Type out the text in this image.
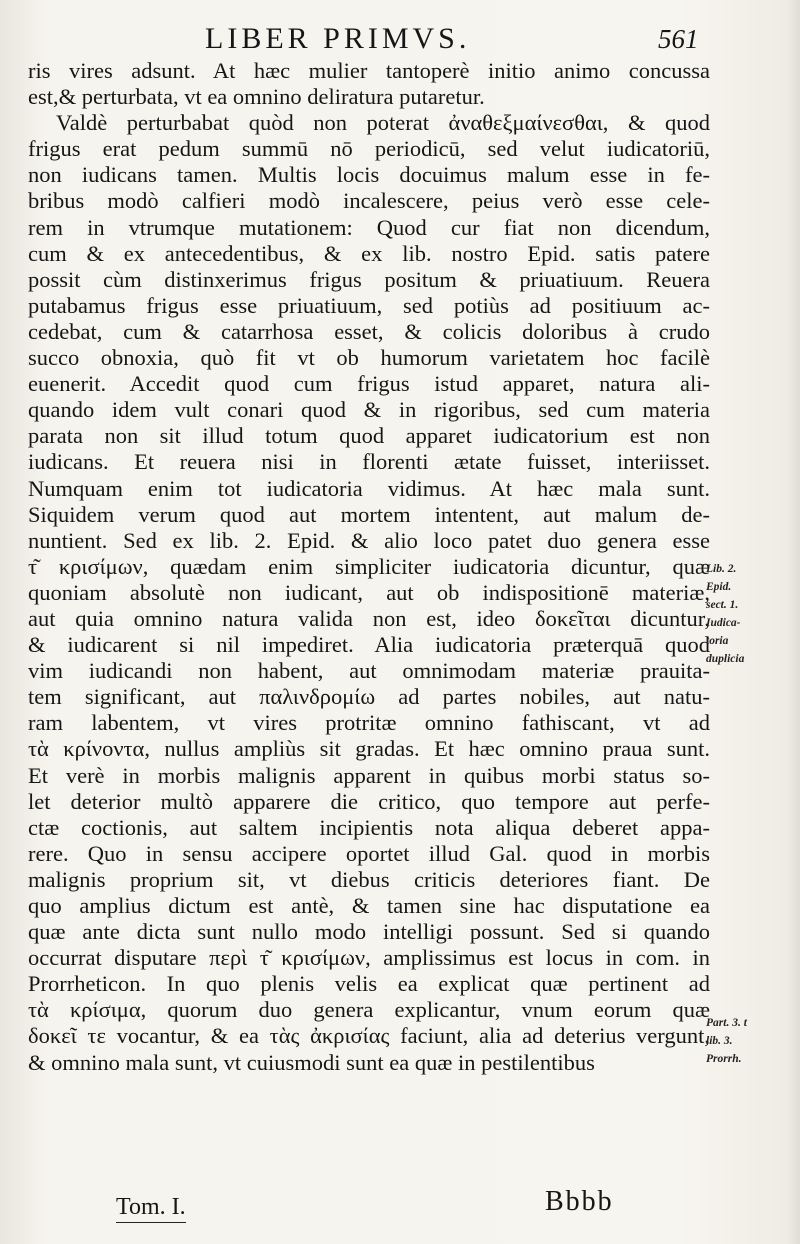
LIBER PRIMVS.	561
ris vires adsunt. At hæc mulier tantoperè initio animo concussa
est,& perturbata, vt ea omnino deliratura putaretur.
Valdè perturbabat quòd non poterat ἀναθεξμαίνεσθαι, & quod
frigus erat pedum summū nō periodicū, sed velut iudicatoriū,
non iudicans tamen. Multis locis docuimus malum esse in fe-
bribus modò calfieri modò incalescere, peius verò esse cele-
rem in vtrumque mutationem: Quod cur fiat non dicendum,
cum & ex antecedentibus, & ex lib. nostro Epid. satis patere
possit cùm distinxerimus frigus positum & priuatiuum. Reuera
putabamus frigus esse priuatiuum, sed potiùs ad positiuum ac-
cedebat, cum & catarrhosa esset, & colicis doloribus à crudo
succo obnoxia, quò fit vt ob humorum varietatem hoc facilè
euenerit. Accedit quod cum frigus istud apparet, natura ali-
quando idem vult conari quod & in rigoribus, sed cum materia
parata non sit illud totum quod apparet iudicatorium est non
iudicans. Et reuera nisi in florenti ætate fuisset, interiisset.
Numquam enim tot iudicatoria vidimus. At hæc mala sunt.
Siquidem verum quod aut mortem intentent, aut malum de-
nuntient. Sed ex lib. 2. Epid. & alio loco patet duo genera esse
τ͂ κρισίμων, quædam enim simpliciter iudicatoria dicuntur, quæ
quoniam absolutè non iudicant, aut ob indispositionē materiæ,
aut quia omnino natura valida non est, ideo δοκεῖται dicuntur,
& iudicarent si nil impediret. Alia iudicatoria præterquā quod
vim iudicandi non habent, aut omnimodam materiæ prauita-
tem significant, aut παλινδρομίω ad partes nobiles, aut natu-
ram labentem, vt vires protritæ omnino fathiscant, vt ad
τὰ κρίνοντα, nullus ampliùs sit gradas. Et hæc omnino praua sunt.
Et verè in morbis malignis apparent in quibus morbi status so-
let deterior multò apparere die critico, quo tempore aut perfe-
ctæ coctionis, aut saltem incipientis nota aliqua deberet appa-
rere. Quo in sensu accipere oportet illud Gal. quod in morbis
malignis proprium sit, vt diebus criticis deteriores fiant. De
quo amplius dictum est antè, & tamen sine hac disputatione ea
quæ ante dicta sunt nullo modo intelligi possunt. Sed si quando
occurrat disputare περὶ τ͂ κρισίμων, amplissimus est locus in com. in
Prorrheticon. In quo plenis velis ea explicat quæ pertinent ad
τὰ κρίσιμα, quorum duo genera explicantur, vnum eorum quæ
δοκεῖ τε vocantur, & ea τὰς ἀκρισίας faciunt, alia ad deterius vergunt,
& omnino mala sunt, vt cuiusmodi sunt ea quæ in pestilentibus
Lib. 2.
Epid.
sect. 1.
Iudica-
toria
duplicia
Part. 3. t
lib. 3.
Prorrh.
Tom. I.	Bbbb
